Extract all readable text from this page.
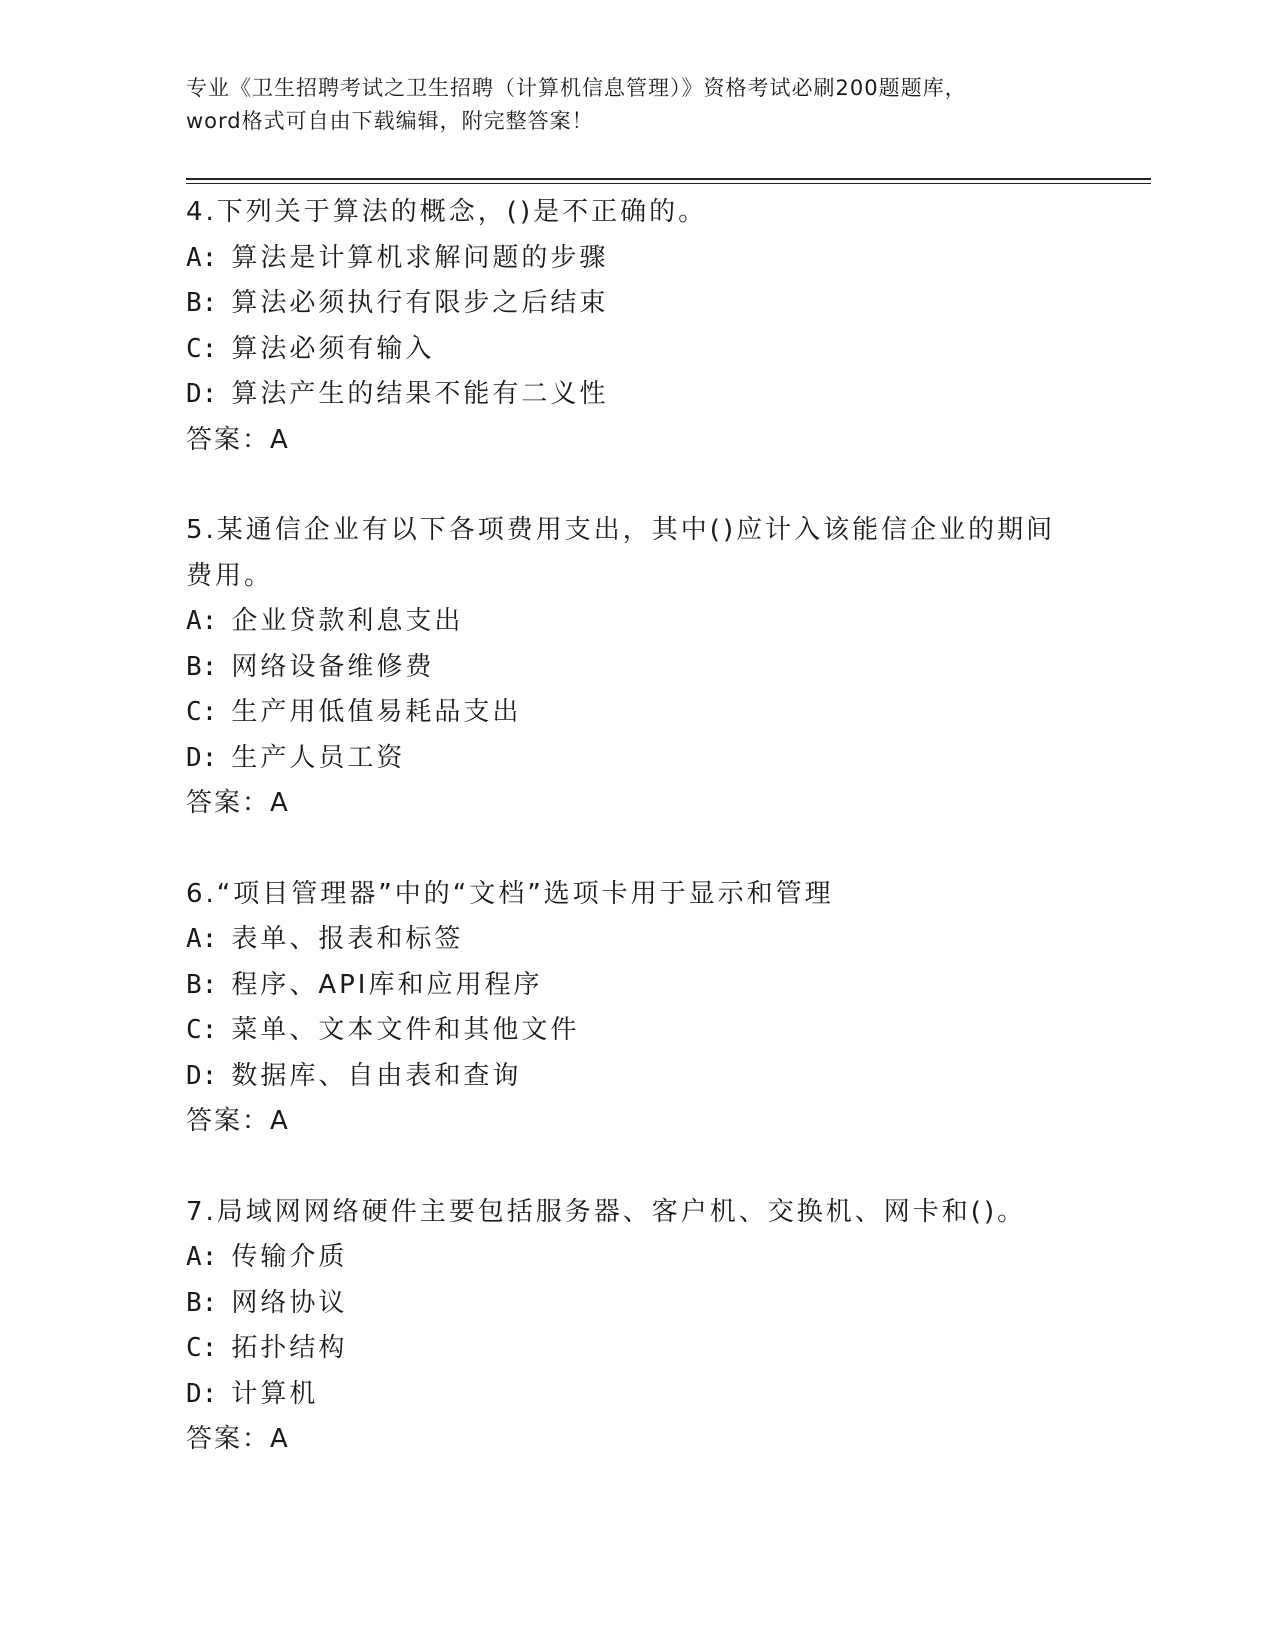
专业《卫生招聘考试之卫生招聘（计算机信息管理）》资格考试必刷200题题库，
word格式可自由下载编辑，附完整答案！
4.下列关于算法的概念，()是不正确的。
A: 算法是计算机求解问题的步骤
B: 算法必须执行有限步之后结束
C: 算法必须有输入
D: 算法产生的结果不能有二义性
答案：A
5.某通信企业有以下各项费用支出，其中()应计入该能信企业的期间费用。
A: 企业贷款利息支出
B: 网络设备维修费
C: 生产用低值易耗品支出
D: 生产人员工资
答案：A
6.“项目管理器”中的“文档”选项卡用于显示和管理
A: 表单、报表和标签
B: 程序、API库和应用程序
C: 菜单、文本文件和其他文件
D: 数据库、自由表和查询
答案：A
7.局域网网络硬件主要包括服务器、客户机、交换机、网卡和()。
A: 传输介质
B: 网络协议
C: 拓扑结构
D: 计算机
答案：A
